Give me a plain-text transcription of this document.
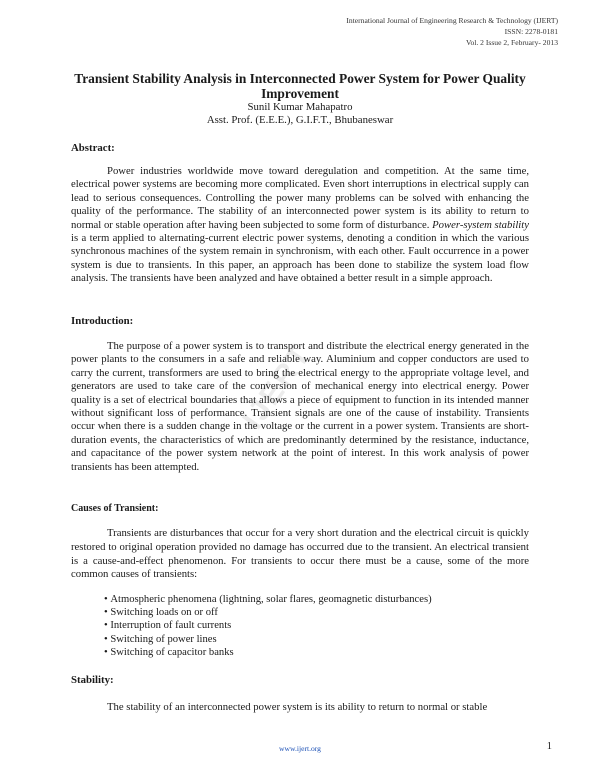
International Journal of Engineering Research & Technology (IJERT)
ISSN: 2278-0181
Vol. 2 Issue 2, February- 2013
Transient Stability Analysis in Interconnected Power System for Power Quality Improvement
Sunil Kumar Mahapatro
Asst. Prof. (E.E.E.), G.I.F.T., Bhubaneswar
IJERT
Abstract:

Power industries worldwide move toward deregulation and competition. At the same time, electrical power systems are becoming more complicated. Even short interruptions in electrical supply can lead to serious consequences. Controlling the power many problems can be solved with enhancing the quality of the performance. The stability of an interconnected power system is its ability to return to normal or stable operation after having been subjected to some form of disturbance. Power-system stability is a term applied to alternating-current electric power systems, denoting a condition in which the various synchronous machines of the system remain in synchronism, with each other. Fault occurrence in a power system is due to transients. In this paper, an approach has been done to stabilize the system load flow analysis. The transients have been analyzed and have obtained a better result in a simple approach.

Introduction:

The purpose of a power system is to transport and distribute the electrical energy generated in the power plants to the consumers in a safe and reliable way. Aluminium and copper conductors are used to carry the current, transformers are used to bring the electrical energy to the appropriate voltage level, and generators are used to take care of the conversion of mechanical energy into electrical energy. Power quality is a set of electrical boundaries that allows a piece of equipment to function in its intended manner without significant loss of performance. Transient signals are one of the cause of instability. Transients occur when there is a sudden change in the voltage or the current in a power system. Transients are short-duration events, the characteristics of which are predominantly determined by the resistance, inductance, and capacitance of the power system network at the point of interest. In this work analysis of power transients has been attempted.

Causes of Transient:

Transients are disturbances that occur for a very short duration and the electrical circuit is quickly restored to original operation provided no damage has occurred due to the transient. An electrical transient is a cause-and-effect phenomenon. For transients to occur there must be a cause, some of the more common causes of transients:

• Atmospheric phenomena (lightning, solar flares, geomagnetic disturbances)
• Switching loads on or off
• Interruption of fault currents
• Switching of power lines
• Switching of capacitor banks
Stability:

The stability of an interconnected power system is its ability to return to normal or stable

www.ijert.org	1
